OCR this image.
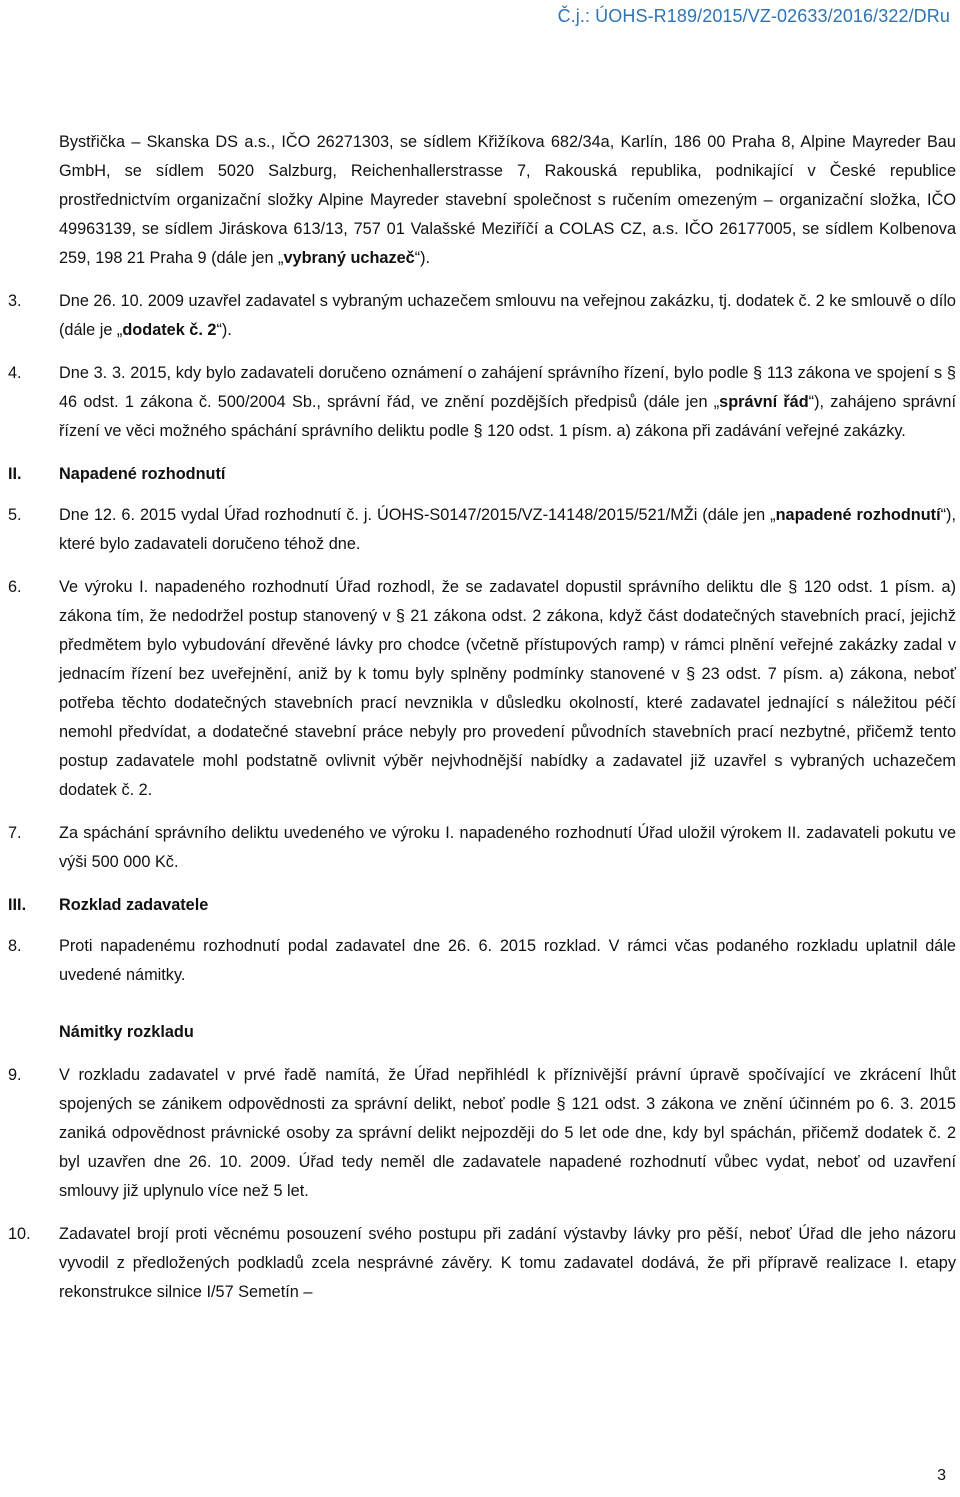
Č.j.: ÚOHS-R189/2015/VZ-02633/2016/322/DRu
Bystřička – Skanska DS a.s., IČO 26271303, se sídlem Křižíkova 682/34a, Karlín, 186 00 Praha 8, Alpine Mayreder Bau GmbH, se sídlem 5020 Salzburg, Reichenhallerstrasse 7, Rakouská republika, podnikající v České republice prostřednictvím organizační složky Alpine Mayreder stavební společnost s ručením omezeným – organizační složka, IČO 49963139, se sídlem Jiráskova 613/13, 757 01 Valašské Meziříčí a COLAS CZ, a.s. IČO 26177005, se sídlem Kolbenova 259, 198 21 Praha 9 (dále jen „vybraný uchazeč“).
3. Dne 26. 10. 2009 uzavřel zadavatel s vybraným uchazečem smlouvu na veřejnou zakázku, tj. dodatek č. 2 ke smlouvě o dílo (dále je „dodatek č. 2“).
4. Dne 3. 3. 2015, kdy bylo zadavateli doručeno oznámení o zahájení správního řízení, bylo podle § 113 zákona ve spojení s § 46 odst. 1 zákona č. 500/2004 Sb., správní řád, ve znění pozdějších předpisů (dále jen „správní řád“), zahájeno správní řízení ve věci možného spáchání správního deliktu podle § 120 odst. 1 písm. a) zákona při zadávání veřejné zakázky.
II. Napadené rozhodnutí
5. Dne 12. 6. 2015 vydal Úřad rozhodnutí č. j. ÚOHS-S0147/2015/VZ-14148/2015/521/MŽi (dále jen „napadené rozhodnutí“), které bylo zadavateli doručeno téhož dne.
6. Ve výroku I. napadeného rozhodnutí Úřad rozhodl, že se zadavatel dopustil správního deliktu dle § 120 odst. 1 písm. a) zákona tím, že nedodržel postup stanovený v § 21 zákona odst. 2 zákona, když část dodatečných stavebních prací, jejichž předmětem bylo vybudování dřevěné lávky pro chodce (včetně přístupových ramp) v rámci plnění veřejné zakázky zadal v jednacím řízení bez uveřejnění, aniž by k tomu byly splněny podmínky stanovené v § 23 odst. 7 písm. a) zákona, neboť potřeba těchto dodatečných stavebních prací nevznikla v důsledku okolností, které zadavatel jednající s náležitou péčí nemohl předvídat, a dodatečné stavební práce nebyly pro provedení původních stavebních prací nezbytné, přičemž tento postup zadavatele mohl podstatně ovlivnit výběr nejvhodnější nabídky a zadavatel již uzavřel s vybraných uchazečem dodatek č. 2.
7. Za spáchání správního deliktu uvedeného ve výroku I. napadeného rozhodnutí Úřad uložil výrokem II. zadavateli pokutu ve výši 500 000 Kč.
III. Rozklad zadavatele
8. Proti napadenému rozhodnutí podal zadavatel dne 26. 6. 2015 rozklad. V rámci včas podaného rozkladu uplatnil dále uvedené námitky.
Námitky rozkladu
9. V rozkladu zadavatel v prvé řadě namítá, že Úřad nepřihlédl k příznivější právní úpravě spočívající ve zkrácení lhůt spojených se zánikem odpovědnosti za správní delikt, neboť podle § 121 odst. 3 zákona ve znění účinném po 6. 3. 2015 zaniká odpovědnost právnické osoby za správní delikt nejpozději do 5 let ode dne, kdy byl spáchán, přičemž dodatek č. 2 byl uzavřen dne 26. 10. 2009. Úřad tedy neměl dle zadavatele napadené rozhodnutí vůbec vydat, neboť od uzavření smlouvy již uplynulo více než 5 let.
10. Zadavatel brojí proti věcnému posouzení svého postupu při zadání výstavby lávky pro pěší, neboť Úřad dle jeho názoru vyvodil z předložených podkladů zcela nesprávné závěry. K tomu zadavatel dodává, že při přípravě realizace I. etapy rekonstrukce silnice I/57 Semetín –
3
